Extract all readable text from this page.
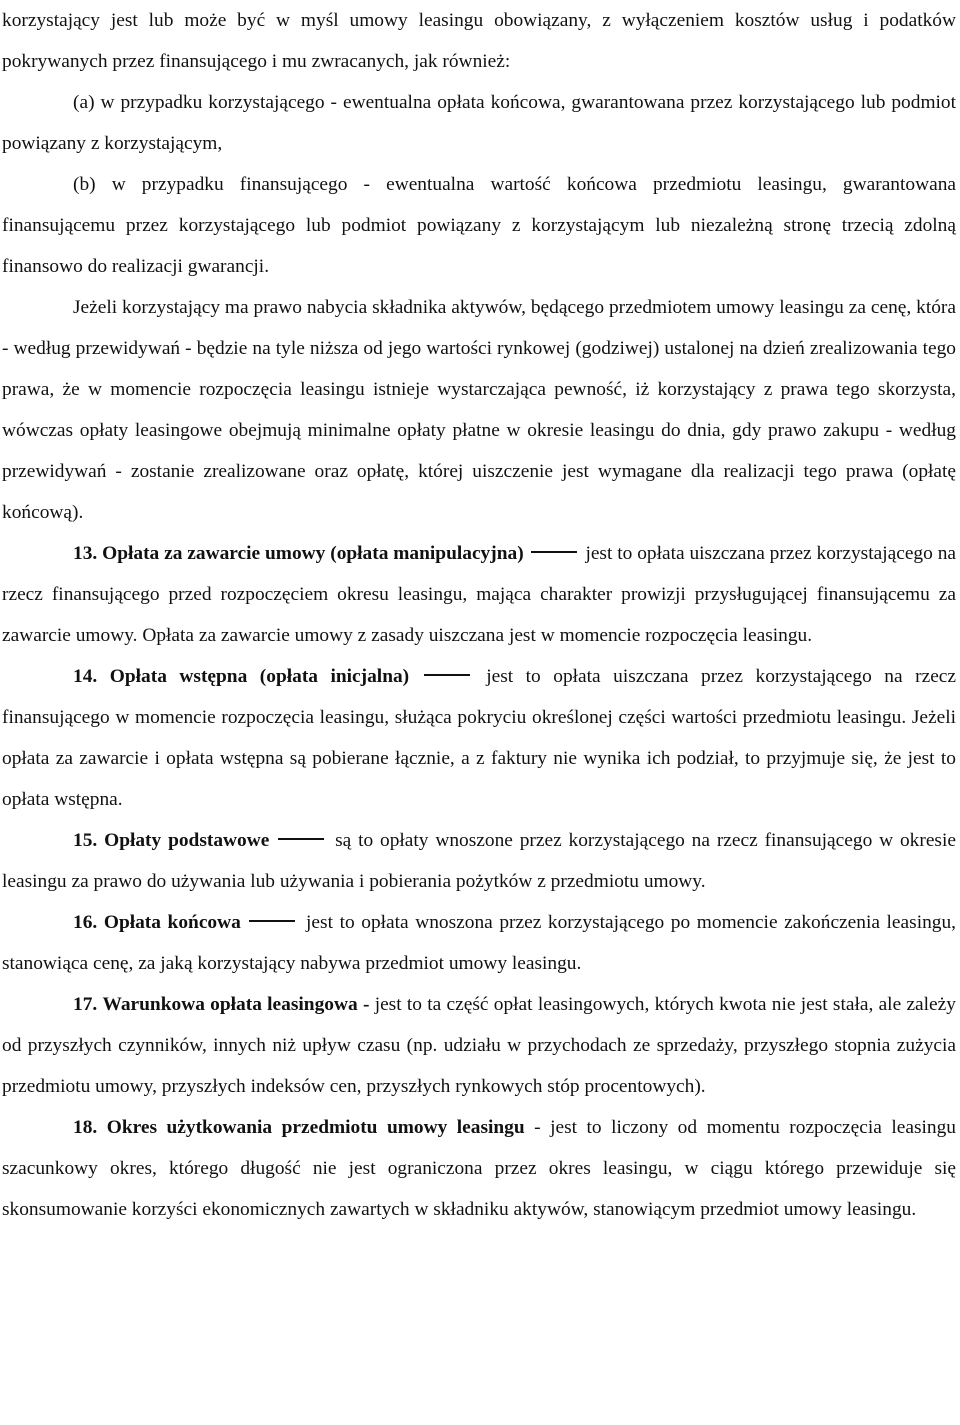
korzystający jest lub może być w myśl umowy leasingu obowiązany, z wyłączeniem kosztów usług i podatków pokrywanych przez finansującego i mu zwracanych, jak również:

(a) w przypadku korzystającego - ewentualna opłata końcowa, gwarantowana przez korzystającego lub podmiot powiązany z korzystającym,

(b) w przypadku finansującego - ewentualna wartość końcowa przedmiotu leasingu, gwarantowana finansującemu przez korzystającego lub podmiot powiązany z korzystającym lub niezależną stronę trzecią zdolną finansowo do realizacji gwarancji.

Jeżeli korzystający ma prawo nabycia składnika aktywów, będącego przedmiotem umowy leasingu za cenę, która - według przewidywań - będzie na tyle niższa od jego wartości rynkowej (godziwej) ustalonej na dzień zrealizowania tego prawa, że w momencie rozpoczęcia leasingu istnieje wystarczająca pewność, iż korzystający z prawa tego skorzysta, wówczas opłaty leasingowe obejmują minimalne opłaty płatne w okresie leasingu do dnia, gdy prawo zakupu - według przewidywań - zostanie zrealizowane oraz opłatę, której uiszczenie jest wymagane dla realizacji tego prawa (opłatę końcową).

13. Opłata za zawarcie umowy (opłata manipulacyjna)	jest to opłata uiszczana przez korzystającego na rzecz finansującego przed rozpoczęciem okresu leasingu, mająca charakter prowizji przysługującej finansującemu za zawarcie umowy. Opłata za zawarcie umowy z zasady uiszczana jest w momencie rozpoczęcia leasingu.

14. Opłata wstępna (opłata inicjalna)	jest to opłata uiszczana przez korzystającego na rzecz finansującego w momencie rozpoczęcia leasingu, służąca pokryciu określonej części wartości przedmiotu leasingu. Jeżeli opłata za zawarcie i opłata wstępna są pobierane łącznie, a z faktury nie wynika ich podział, to przyjmuje się, że jest to opłata wstępna.

15. Opłaty podstawowe	są to opłaty wnoszone przez korzystającego na rzecz finansującego w okresie leasingu za prawo do używania lub używania i pobierania pożytków z przedmiotu umowy.

16. Opłata końcowa	jest to opłata wnoszona przez korzystającego po momencie zakończenia leasingu, stanowiąca cenę, za jaką korzystający nabywa przedmiot umowy leasingu.

17. Warunkowa opłata leasingowa - jest to ta część opłat leasingowych, których kwota nie jest stała, ale zależy od przyszłych czynników, innych niż upływ czasu (np. udziału w przychodach ze sprzedaży, przyszłego stopnia zużycia przedmiotu umowy, przyszłych indeksów cen, przyszłych rynkowych stóp procentowych).

18. Okres użytkowania przedmiotu umowy leasingu - jest to liczony od momentu rozpoczęcia leasingu szacunkowy okres, którego długość nie jest ograniczona przez okres leasingu, w ciągu którego przewiduje się skonsumowanie korzyści ekonomicznych zawartych w składniku aktywów, stanowiącym przedmiot umowy leasingu.
